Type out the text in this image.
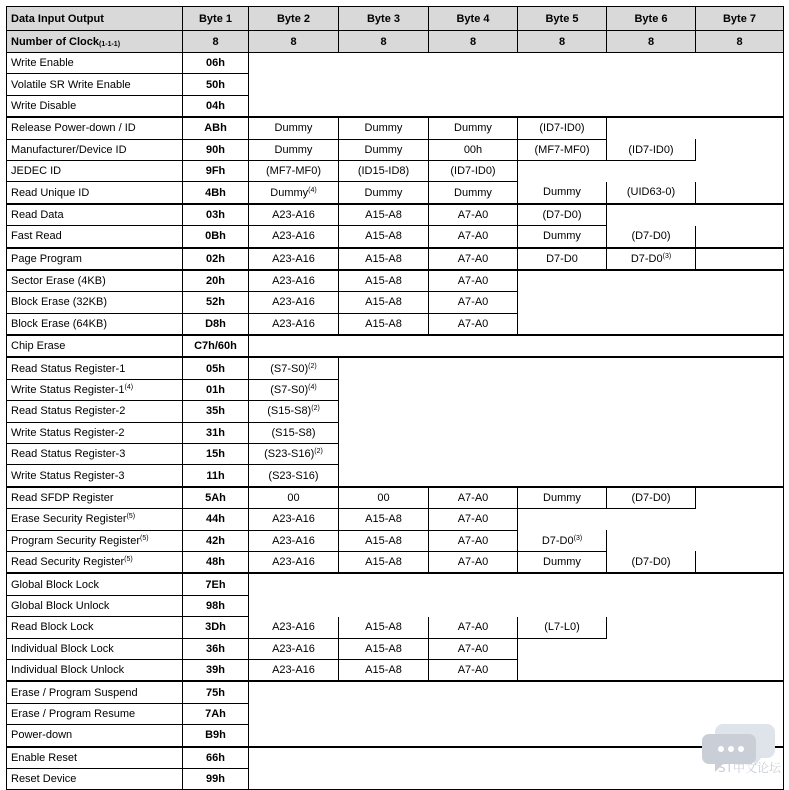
Data Input Output	Byte 1	Byte 2	Byte 3	Byte 4	Byte 5	Byte 6	Byte 7
Number of Clock$_{(1-1-1)}$	8	8	8	8	8	8	8
Write Enable	06h						
Volatile SR Write Enable	50h						
Write Disable	04h						
Release Power-down / ID	ABh	Dummy	Dummy	Dummy	(ID7-ID0)		
Manufacturer/Device ID	90h	Dummy	Dummy	00h	(MF7-MF0)	(ID7-ID0)	
JEDEC ID	9Fh	(MF7-MF0)	(ID15-ID8)	(ID7-ID0)			
Read Unique ID	4Bh	Dummy$^{(4)}$	Dummy	Dummy	Dummy	(UID63-0)	
Read Data	03h	A23-A16	A15-A8	A7-A0	(D7-D0)		
Fast Read	0Bh	A23-A16	A15-A8	A7-A0	Dummy	(D7-D0)	
Page Program	02h	A23-A16	A15-A8	A7-A0	D7-D0	D7-D0$^{(3)}$	
Sector Erase (4KB)	20h	A23-A16	A15-A8	A7-A0			
Block Erase (32KB)	52h	A23-A16	A15-A8	A7-A0			
Block Erase (64KB)	D8h	A23-A16	A15-A8	A7-A0			
Chip Erase	C7h/60h						
Read Status Register-1	05h	$(S7-S0)^{(2)}$	
Write Status Register-1$^{(4)}$	01h	$(S7-S0)^{(4)}$	
Read Status Register-2	35h	$(S15-S8)^{(2)}$	
Write Status Register-2	31h	(S15-S8)					
Read Status Register-3	15h	$(S23-S16)^{(2)}$	
Write Status Register-3	11h	(S23-S16)					
Read SFDP Register	5Ah	00	00	A7-A0	Dummy	(D7-D0)	
Erase Security Register$^{(5)}$	44h	A23-A16	A15-A8	A7-A0			
Program Security Register$^{(5)}$	42h	A23-A16	A15-A8	A7-A0	D7-D0$^{(3)}$	
Read Security Register$^{(5)}$	48h	A23-A16	A15-A8	A7-A0	Dummy	(D7-D0)	
Global Block Lock	7Eh						
Global Block Unlock	98h						
Read Block Lock	3Dh	A23-A16	A15-A8	A7-A0	(L7-L0)		
Individual Block Lock	36h	A23-A16	A15-A8	A7-A0			
Individual Block Unlock	39h	A23-A16	A15-A8	A7-A0			
Erase / Program Suspend	75h						
Erase / Program Resume	7Ah						
Power-down	B9h						
Enable Reset	66h						
Reset Device	99h						
ST中文论坛
